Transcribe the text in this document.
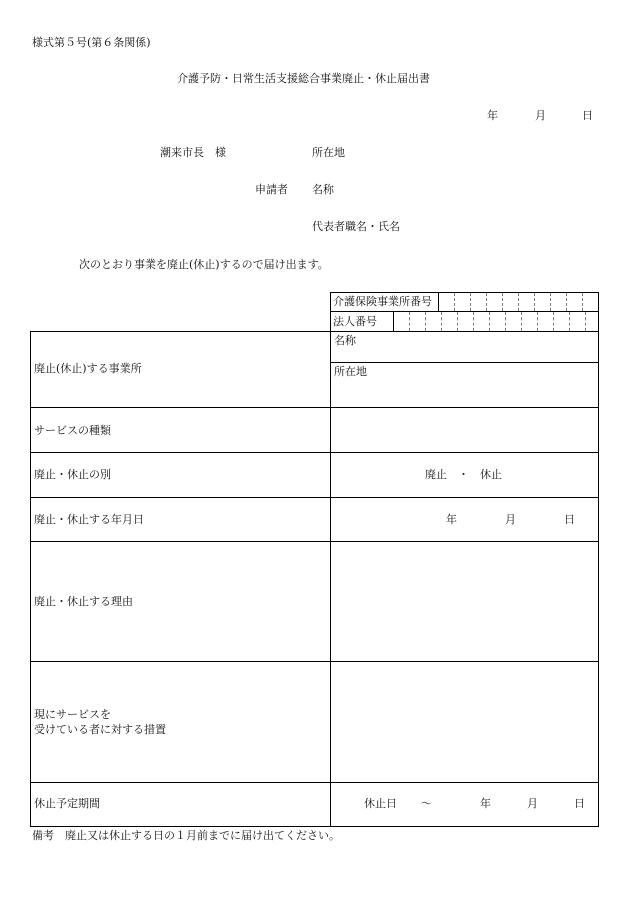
様式第５号(第６条関係)
介護予防・日常生活支援総合事業廃止・休止届出書
年	月	日
潮来市長　様	所在地
申請者 名称
代表者職名・氏名
次のとおり事業を廃止(休止)するので届け出ます。
介護保険事業所番号
法人番号
廃止(休止)する事業所
名称
所在地
サービスの種類
廃止・休止の別	廃止　・　休止
廃止・休止する年月日	年	月	日
廃止・休止する理由
現にサービスを
受けている者に対する措置
休止予定期間	休止日 ～	年	月	日
備考　廃止又は休止する日の１月前までに届け出てください。
